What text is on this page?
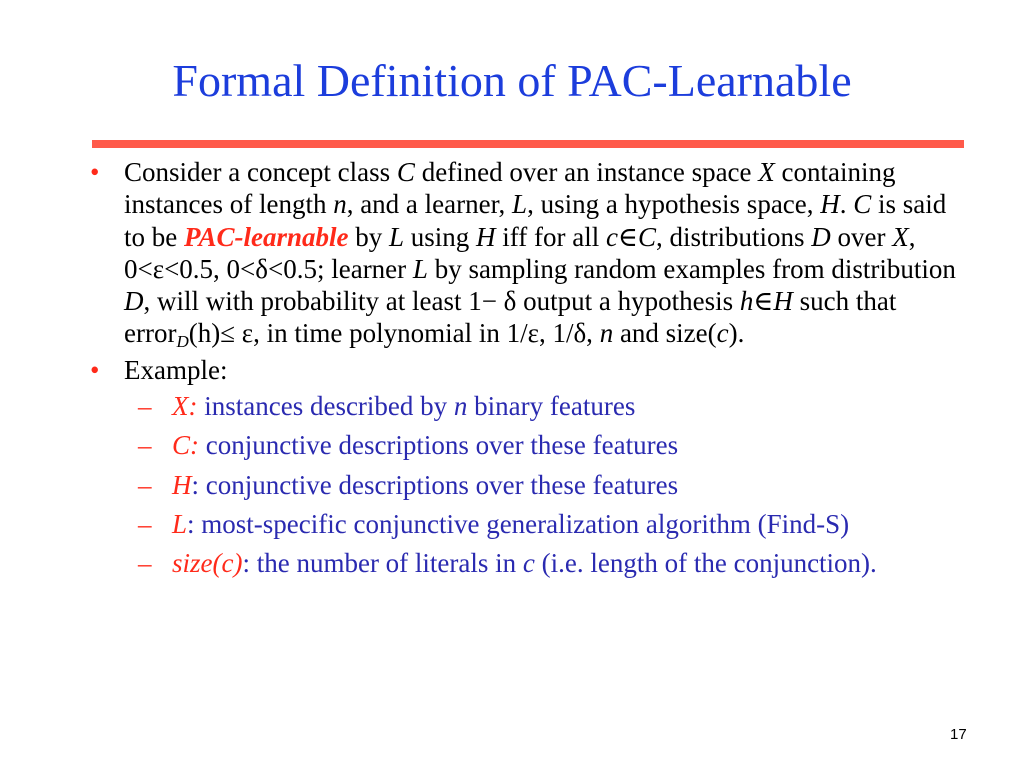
Formal Definition of PAC-Learnable
• Consider a concept class C defined over an instance space X containing instances of length n, and a learner, L, using a hypothesis space, H. C is said to be PAC-learnable by L using H iff for all c∈C, distributions D over X, 0<ε<0.5, 0<δ<0.5; learner L by sampling random examples from distribution D, will with probability at least 1− δ output a hypothesis h∈H such that error$_D$(h)≤ ε, in time polynomial in 1/ε, 1/δ, n and size(c).
• Example:
– X: instances described by n binary features
– C: conjunctive descriptions over these features
– H: conjunctive descriptions over these features
– L: most-specific conjunctive generalization algorithm (Find-S)
– size(c): the number of literals in c (i.e. length of the conjunction).
17
